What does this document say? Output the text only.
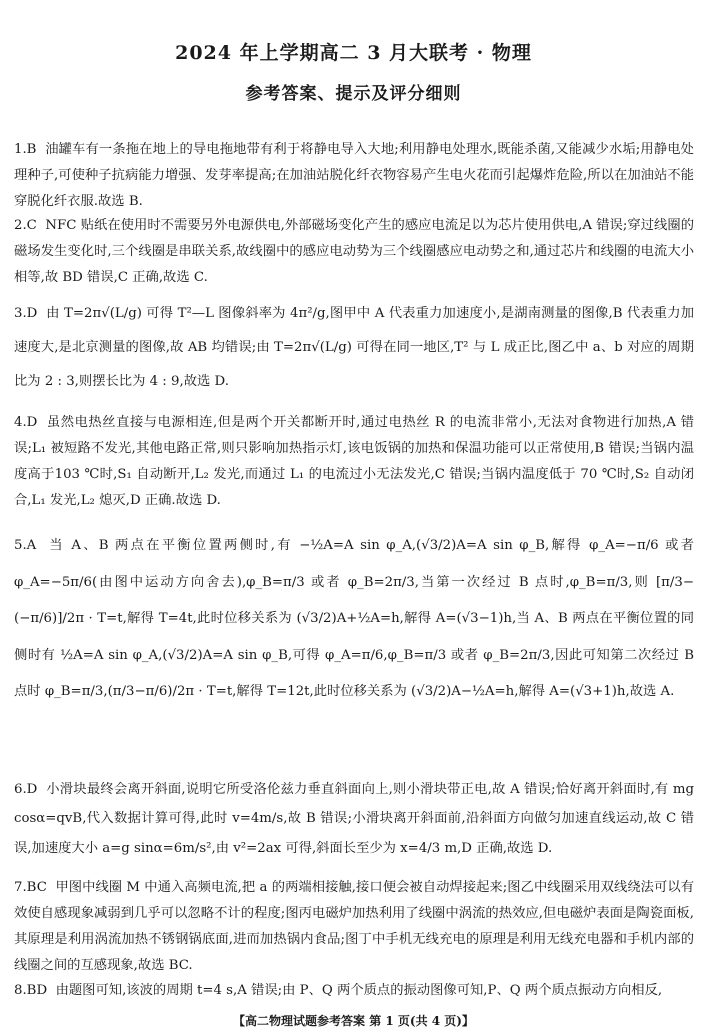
2024 年上学期高二 3 月大联考 · 物理
参考答案、提示及评分细则
1.B 油罐车有一条拖在地上的导电拖地带有利于将静电导入大地;利用静电处理水,既能杀菌,又能减少水垢;用静电处理种子,可使种子抗病能力增强、发芽率提高;在加油站脱化纤衣物容易产生电火花而引起爆炸危险,所以在加油站不能穿脱化纤衣服.故选 B.
2.C NFC 贴纸在使用时不需要另外电源供电,外部磁场变化产生的感应电流足以为芯片使用供电,A 错误;穿过线圈的磁场发生变化时,三个线圈是串联关系,故线圈中的感应电动势为三个线圈感应电动势之和,通过芯片和线圈的电流大小相等,故 BD 错误,C 正确,故选 C.
3.D 由 T=2π√(L/g) 可得 T²—L 图像斜率为 4π²/g,图甲中 A 代表重力加速度小,是湖南测量的图像,B 代表重力加速度大,是北京测量的图像,故 AB 均错误;由 T=2π√(L/g) 可得在同一地区,T² 与 L 成正比,图乙中 a、b 对应的周期比为 2 : 3,则摆长比为 4 : 9,故选 D.
4.D 虽然电热丝直接与电源相连,但是两个开关都断开时,通过电热丝 R 的电流非常小,无法对食物进行加热,A 错误;L₁ 被短路不发光,其他电路正常,则只影响加热指示灯,该电饭锅的加热和保温功能可以正常使用,B 错误;当锅内温度高于103 ℃时,S₁ 自动断开,L₂ 发光,而通过 L₁ 的电流过小无法发光,C 错误;当锅内温度低于 70 ℃时,S₂ 自动闭合,L₁ 发光,L₂ 熄灭,D 正确.故选 D.
5.A 当 A、B 两点在平衡位置两侧时,有 −½A=A sin φ_A,(√3/2)A=A sin φ_B,解得 φ_A=−π/6 或者 φ_A=−5π/6(由图中运动方向舍去),φ_B=π/3 或者 φ_B=2π/3,当第一次经过 B 点时,φ_B=π/3,则 [π/3−(−π/6)]/2π · T=t,解得 T=4t,此时位移关系为 (√3/2)A+½A=h,解得 A=(√3−1)h,当 A、B 两点在平衡位置的同侧时有 ½A=A sin φ_A,(√3/2)A=A sin φ_B,可得 φ_A=π/6,φ_B=π/3 或者 φ_B=2π/3,因此可知第二次经过 B 点时 φ_B=π/3,(π/3−π/6)/2π · T=t,解得 T=12t,此时位移关系为 (√3/2)A−½A=h,解得 A=(√3+1)h,故选 A.
6.D 小滑块最终会离开斜面,说明它所受洛伦兹力垂直斜面向上,则小滑块带正电,故 A 错误;恰好离开斜面时,有 mg cosα=qvB,代入数据计算可得,此时 v=4m/s,故 B 错误;小滑块离开斜面前,沿斜面方向做匀加速直线运动,故 C 错误,加速度大小 a=g sinα=6m/s²,由 v²=2ax 可得,斜面长至少为 x=4/3 m,D 正确,故选 D.
7.BC 甲图中线圈 M 中通入高频电流,把 a 的两端相接触,接口便会被自动焊接起来;图乙中线圈采用双线绕法可以有效使自感现象减弱到几乎可以忽略不计的程度;图丙电磁炉加热利用了线圈中涡流的热效应,但电磁炉表面是陶瓷面板,其原理是利用涡流加热不锈钢锅底面,进而加热锅内食品;图丁中手机无线充电的原理是利用无线充电器和手机内部的线圈之间的互感现象,故选 BC.
8.BD 由题图可知,该波的周期 t=4 s,A 错误;由 P、Q 两个质点的振动图像可知,P、Q 两个质点振动方向相反,
【高二物理试题参考答案 第 1 页(共 4 页)】
